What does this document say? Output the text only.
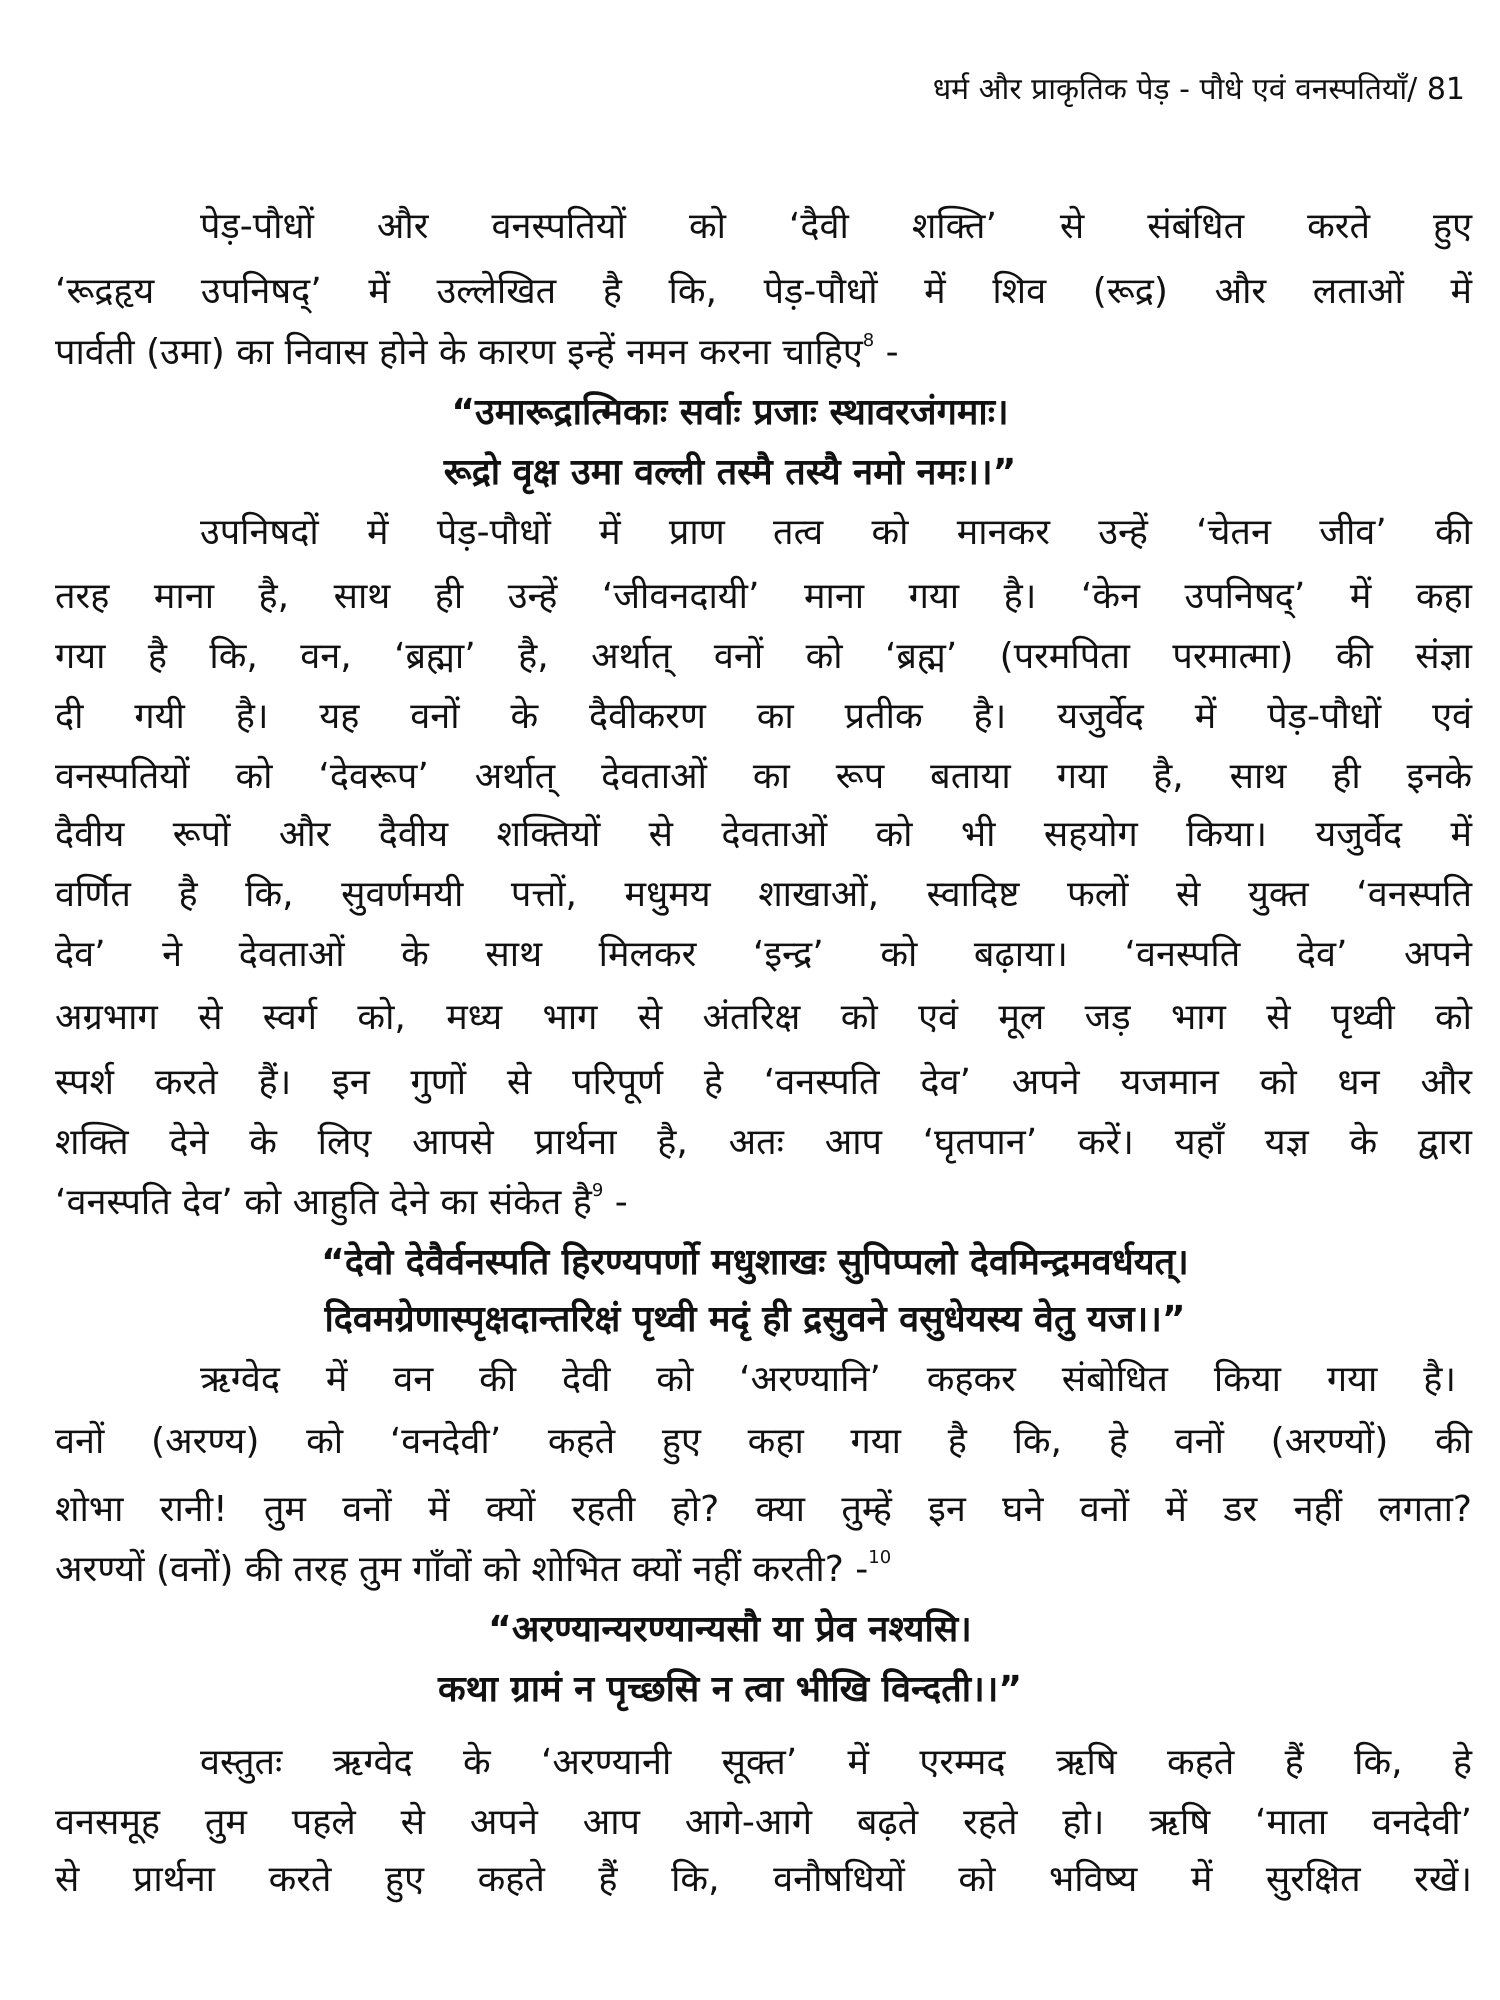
धर्म और प्राकृतिक पेड़ - पौधे एवं वनस्पतियाँ/ 81
पेड़-पौधों और वनस्पतियों को ‘दैवी शक्ति’ से संबंधित करते हुए
‘रूद्रहृय उपनिषद्’ में उल्लेखित है कि, पेड़-पौधों में शिव (रूद्र) और लताओं में
पार्वती (उमा) का निवास होने के कारण इन्हें नमन करना चाहिए$^8$ -
“उमारूद्रात्मिकाः सर्वाः प्रजाः स्थावरजंगमाः।
रूद्रो वृक्ष उमा वल्ली तस्मै तस्यै नमो नमः।।”
उपनिषदों में पेड़-पौधों में प्राण तत्व को मानकर उन्हें ‘चेतन जीव’ की
तरह माना है, साथ ही उन्हें ‘जीवनदायी’ माना गया है। ‘केन उपनिषद्’ में कहा
गया है कि, वन, ‘ब्रह्मा’ है, अर्थात् वनों को ‘ब्रह्म’ (परमपिता परमात्मा) की संज्ञा
दी गयी है। यह वनों के दैवीकरण का प्रतीक है। यजुर्वेद में पेड़-पौधों एवं
वनस्पतियों को ‘देवरूप’ अर्थात् देवताओं का रूप बताया गया है, साथ ही इनके
दैवीय रूपों और दैवीय शक्तियों से देवताओं को भी सहयोग किया। यजुर्वेद में
वर्णित है कि, सुवर्णमयी पत्तों, मधुमय शाखाओं, स्वादिष्ट फलों से युक्त ‘वनस्पति
देव’ ने देवताओं के साथ मिलकर ‘इन्द्र’ को बढ़ाया। ‘वनस्पति देव’ अपने
अग्रभाग से स्वर्ग को, मध्य भाग से अंतरिक्ष को एवं मूल जड़ भाग से पृथ्वी को
स्पर्श करते हैं। इन गुणों से परिपूर्ण हे ‘वनस्पति देव’ अपने यजमान को धन और
शक्ति देने के लिए आपसे प्रार्थना है, अतः आप ‘घृतपान’ करें। यहाँ यज्ञ के द्वारा
‘वनस्पति देव’ को आहुति देने का संकेत है$^9$ -
“देवो देवैर्वनस्पति हिरण्यपर्णो मधुशाखः सुपिप्पलो देवमिन्द्रमवर्धयत्।
दिवमग्रेणास्पृक्षदान्तरिक्षं पृथ्वी मदृं ही द्रसुवने वसुधेयस्य वेतु यज।।”
ऋग्वेद में वन की देवी को ‘अरण्यानि’ कहकर संबोधित किया गया है।
वनों (अरण्य) को ‘वनदेवी’ कहते हुए कहा गया है कि, हे वनों (अरण्यों) की
शोभा रानी! तुम वनों में क्यों रहती हो? क्या तुम्हें इन घने वनों में डर नहीं लगता?
अरण्यों (वनों) की तरह तुम गाँवों को शोभित क्यों नहीं करती? -$^{10}$
“अरण्यान्यरण्यान्यसौ या प्रेव नश्यसि।
कथा ग्रामं न पृच्छसि न त्वा भीखि विन्दती।।”
वस्तुतः ऋग्वेद के ‘अरण्यानी सूक्त’ में एरम्मद ऋषि कहते हैं कि, हे
वनसमूह तुम पहले से अपने आप आगे-आगे बढ़ते रहते हो। ऋषि ‘माता वनदेवी’
से प्रार्थना करते हुए कहते हैं कि, वनौषधियों को भविष्य में सुरक्षित रखें।
